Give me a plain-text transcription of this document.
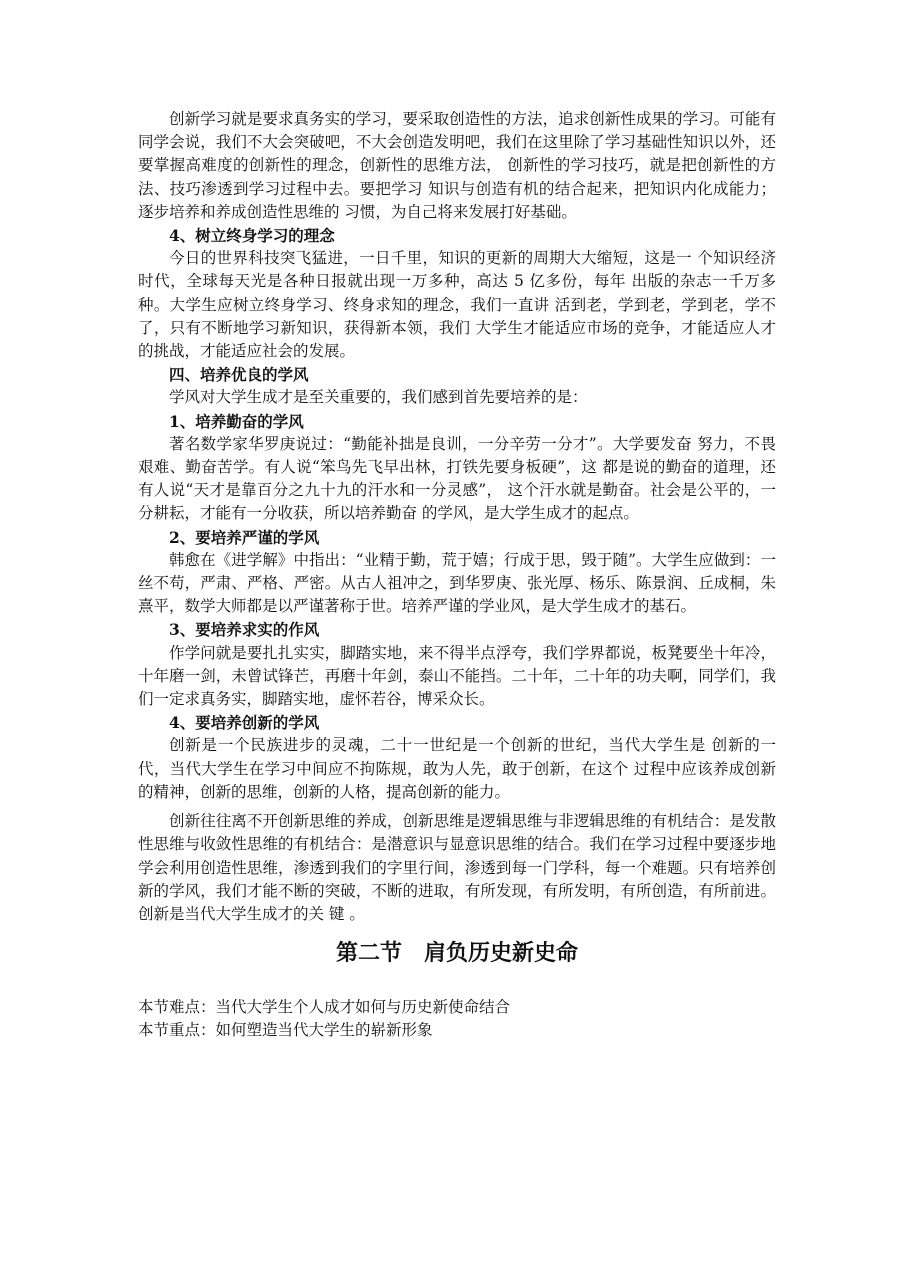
创新学习就是要求真务实的学习，要采取创造性的方法，追求创新性成果的学习。可能有同学会说，我们不大会突破吧，不大会创造发明吧，我们在这里除了学习基础性知识以外，还要掌握高难度的创新性的理念，创新性的思维方法， 创新性的学习技巧，就是把创新性的方法、技巧渗透到学习过程中去。要把学习 知识与创造有机的结合起来，把知识内化成能力；逐步培养和养成创造性思维的 习惯，为自己将来发展打好基础。

4、树立终身学习的理念

今日的世界科技突飞猛进，一日千里，知识的更新的周期大大缩短，这是一 个知识经济时代，全球每天光是各种日报就出现一万多种，高达 5 亿多份，每年 出版的杂志一千万多种。大学生应树立终身学习、终身求知的理念，我们一直讲 活到老，学到老，学到老，学不了，只有不断地学习新知识，获得新本领，我们 大学生才能适应市场的竞争，才能适应人才的挑战，才能适应社会的发展。

四、培养优良的学风

学风对大学生成才是至关重要的，我们感到首先要培养的是：

1、培养勤奋的学风

著名数学家华罗庚说过：“勤能补拙是良训，一分辛劳一分才”。大学要发奋 努力，不畏艰难、勤奋苦学。有人说“笨鸟先飞早出林，打铁先要身板硬”，这 都是说的勤奋的道理，还有人说“天才是靠百分之九十九的汗水和一分灵感”， 这个汗水就是勤奋。社会是公平的，一分耕耘，才能有一分收获，所以培养勤奋 的学风，是大学生成才的起点。

2、要培养严谨的学风

韩愈在《进学解》中指出：“业精于勤，荒于嬉；行成于思，毁于随”。大学生应做到：一丝不苟，严肃、严格、严密。从古人祖冲之，到华罗庚、张光厚、杨乐、陈景润、丘成桐，朱熹平，数学大师都是以严谨著称于世。培养严谨的学业风，是大学生成才的基石。

3、要培养求实的作风

作学问就是要扎扎实实，脚踏实地，来不得半点浮夸，我们学界都说，板凳要坐十年冷，十年磨一剑，未曾试锋芒，再磨十年剑，泰山不能挡。二十年，二十年的功夫啊，同学们，我们一定求真务实，脚踏实地，虚怀若谷，博采众长。

4、要培养创新的学风

创新是一个民族进步的灵魂，二十一世纪是一个创新的世纪，当代大学生是 创新的一代，当代大学生在学习中间应不拘陈规，敢为人先，敢于创新，在这个 过程中应该养成创新的精神，创新的思维，创新的人格，提高创新的能力。

创新往往离不开创新思维的养成，创新思维是逻辑思维与非逻辑思维的有机结合：是发散性思维与收敛性思维的有机结合：是潜意识与显意识思维的结合。我们在学习过程中要逐步地学会利用创造性思维，渗透到我们的字里行间，渗透到每一门学科，每一个难题。只有培养创新的学风，我们才能不断的突破，不断的进取，有所发现，有所发明，有所创造，有所前进。创新是当代大学生成才的关 键 。

第二节　肩负历史新史命

本节难点：当代大学生个人成才如何与历史新使命结合

本节重点：如何塑造当代大学生的崭新形象
